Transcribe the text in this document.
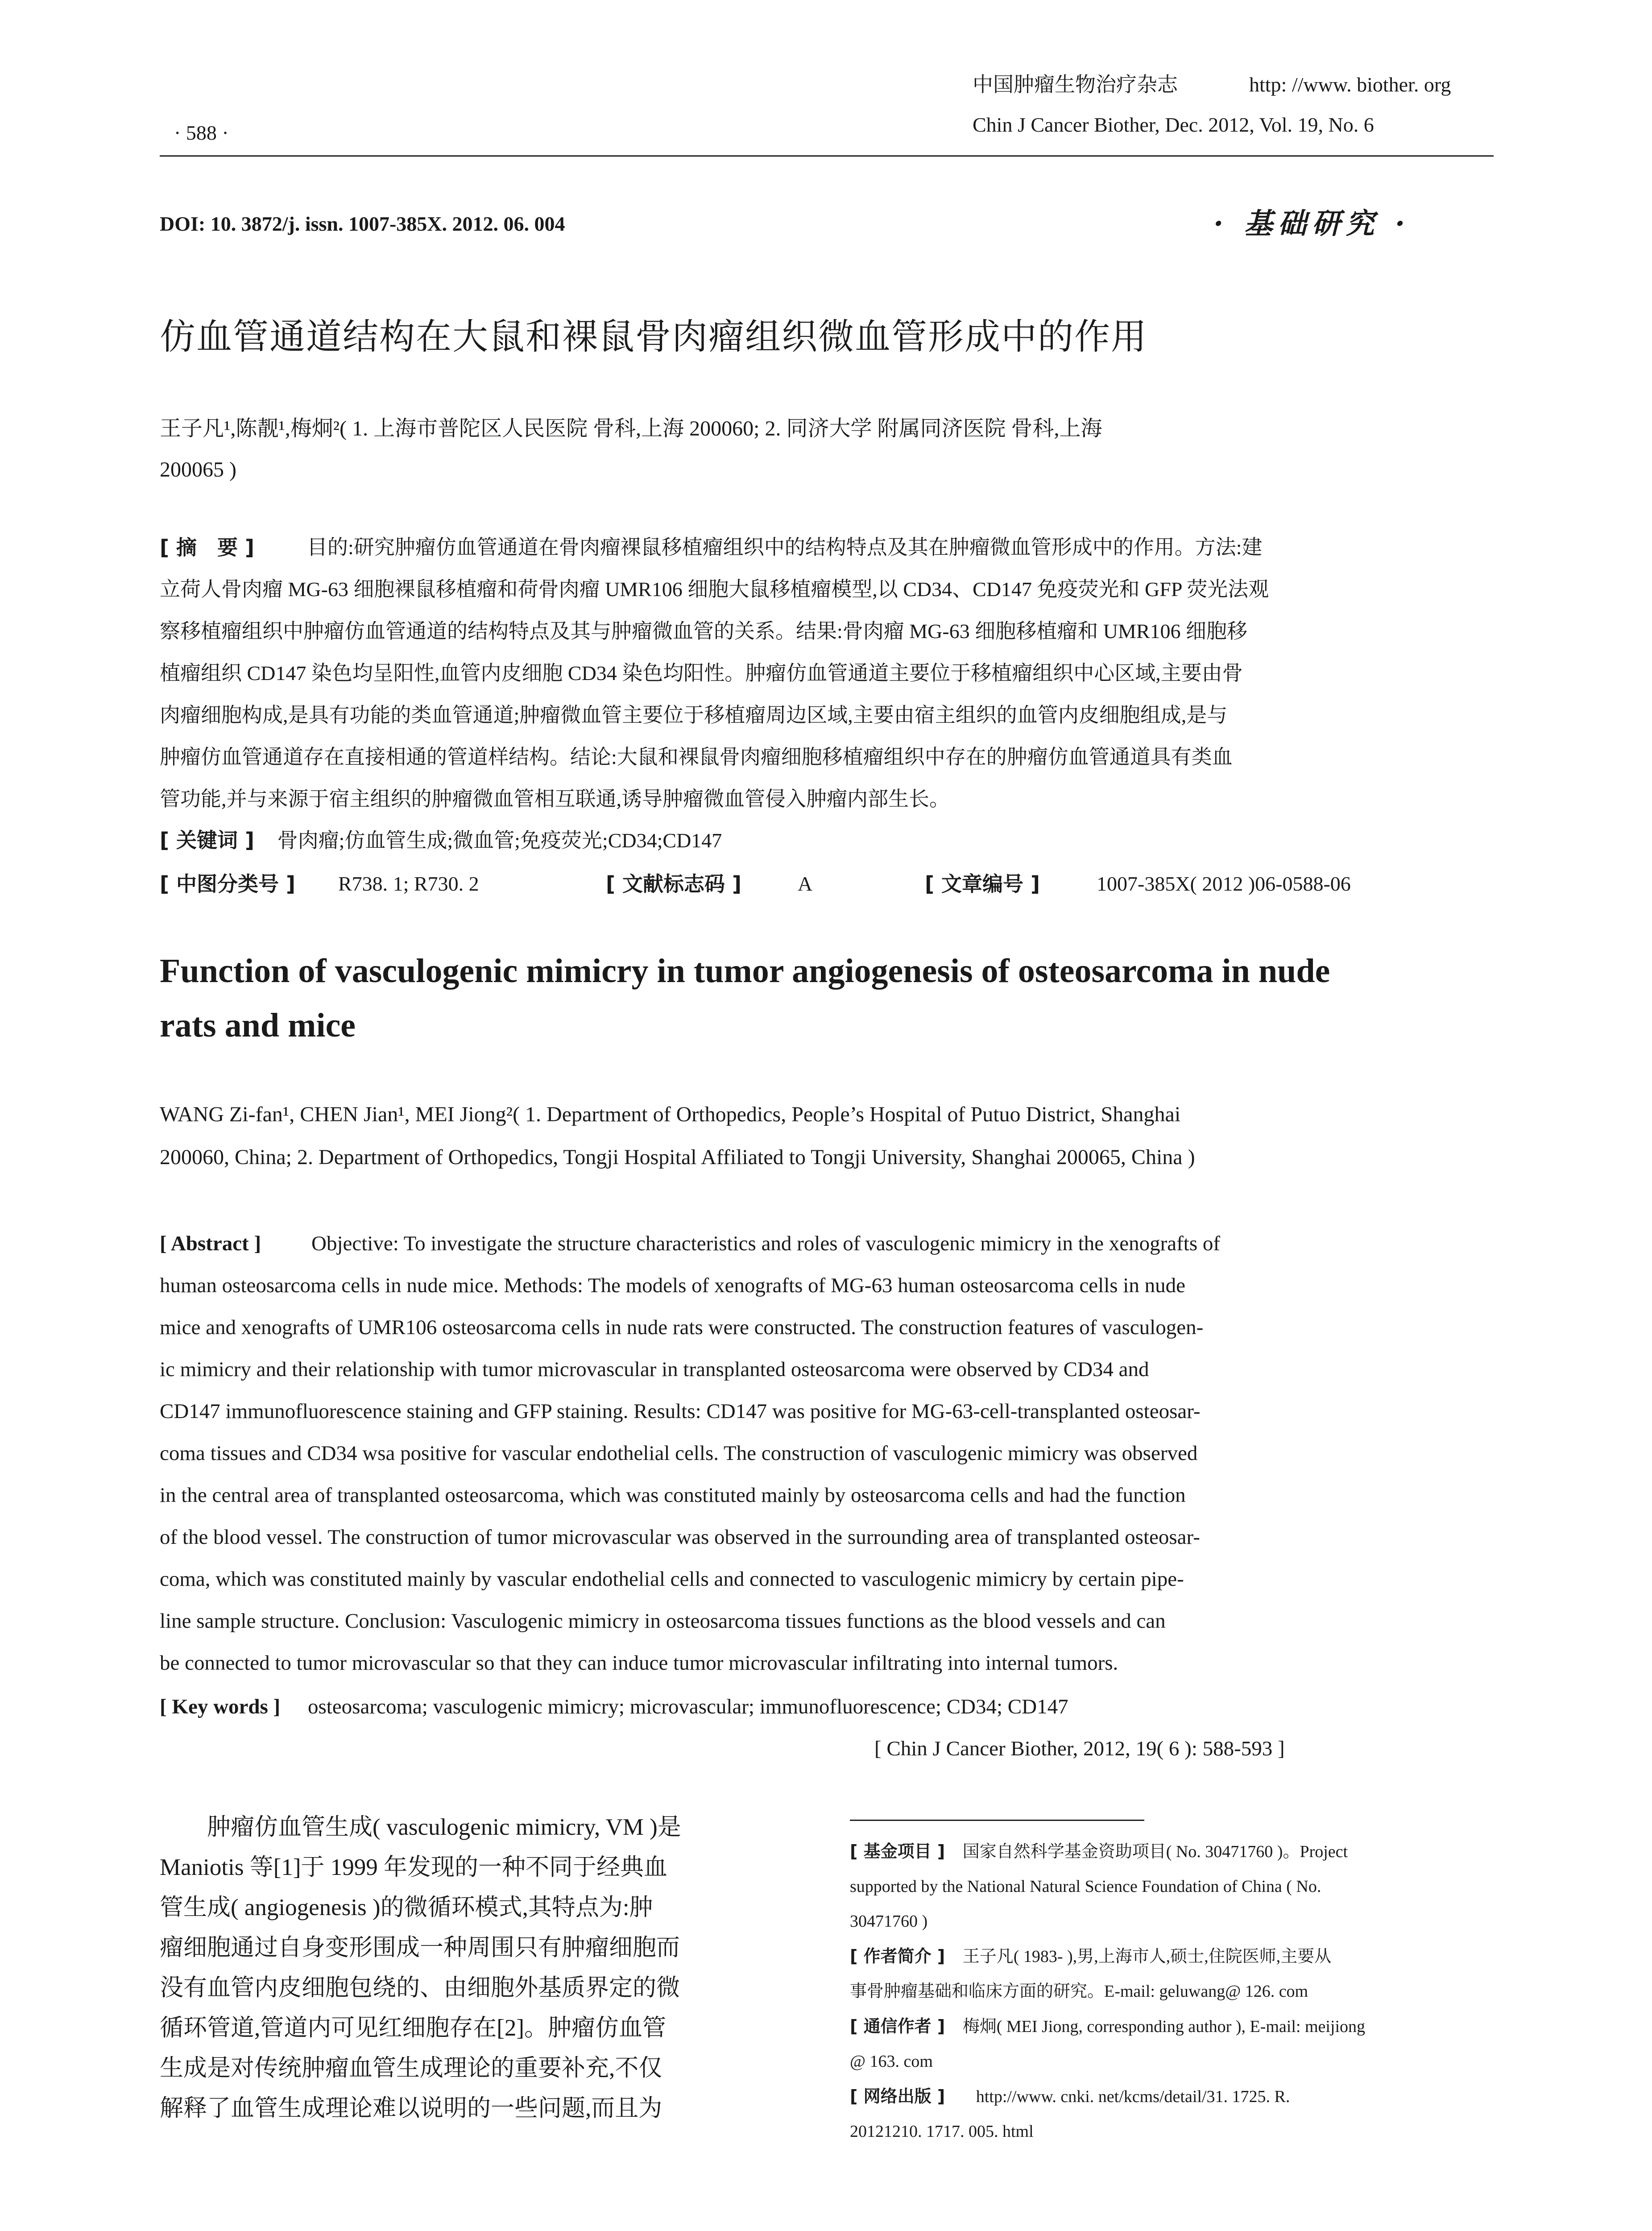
中国肿瘤生物治疗杂志	http: //www. biother. org
· 588 ·	Chin J Cancer Biother, Dec. 2012, Vol. 19, No. 6
DOI: 10. 3872/j. issn. 1007-385X. 2012. 06. 004	· 基础研究 ·
仿血管通道结构在大鼠和裸鼠骨肉瘤组织微血管形成中的作用
王子凡¹,陈靓¹,梅炯²( 1. 上海市普陀区人民医院 骨科,上海 200060; 2. 同济大学 附属同济医院 骨科,上海
200065 )
[ 摘　要 ]	目的:研究肿瘤仿血管通道在骨肉瘤裸鼠移植瘤组织中的结构特点及其在肿瘤微血管形成中的作用。方法:建
立荷人骨肉瘤 MG-63 细胞裸鼠移植瘤和荷骨肉瘤 UMR106 细胞大鼠移植瘤模型,以 CD34、CD147 免疫荧光和 GFP 荧光法观
察移植瘤组织中肿瘤仿血管通道的结构特点及其与肿瘤微血管的关系。结果:骨肉瘤 MG-63 细胞移植瘤和 UMR106 细胞移
植瘤组织 CD147 染色均呈阳性,血管内皮细胞 CD34 染色均阳性。肿瘤仿血管通道主要位于移植瘤组织中心区域,主要由骨
肉瘤细胞构成,是具有功能的类血管通道;肿瘤微血管主要位于移植瘤周边区域,主要由宿主组织的血管内皮细胞组成,是与
肿瘤仿血管通道存在直接相通的管道样结构。结论:大鼠和裸鼠骨肉瘤细胞移植瘤组织中存在的肿瘤仿血管通道具有类血
管功能,并与来源于宿主组织的肿瘤微血管相互联通,诱导肿瘤微血管侵入肿瘤内部生长。
[ 关键词 ] 骨肉瘤;仿血管生成;微血管;免疫荧光;CD34;CD147
[ 中图分类号 ] R738. 1; R730. 2	[ 文献标志码 ]	A	[ 文章编号 ]	1007-385X( 2012 )06-0588-06
Function of vasculogenic mimicry in tumor angiogenesis of osteosarcoma in nude
rats and mice
WANG Zi-fan¹, CHEN Jian¹, MEI Jiong²( 1. Department of Orthopedics, People’s Hospital of Putuo District, Shanghai
200060, China; 2. Department of Orthopedics, Tongji Hospital Affiliated to Tongji University, Shanghai 200065, China )
[ Abstract ] Objective: To investigate the structure characteristics and roles of vasculogenic mimicry in the xenografts of
human osteosarcoma cells in nude mice. Methods: The models of xenografts of MG-63 human osteosarcoma cells in nude
mice and xenografts of UMR106 osteosarcoma cells in nude rats were constructed. The construction features of vasculogen-
ic mimicry and their relationship with tumor microvascular in transplanted osteosarcoma were observed by CD34 and
CD147 immunofluorescence staining and GFP staining. Results: CD147 was positive for MG-63-cell-transplanted osteosar-
coma tissues and CD34 wsa positive for vascular endothelial cells. The construction of vasculogenic mimicry was observed
in the central area of transplanted osteosarcoma, which was constituted mainly by osteosarcoma cells and had the function
of the blood vessel. The construction of tumor microvascular was observed in the surrounding area of transplanted osteosar-
coma, which was constituted mainly by vascular endothelial cells and connected to vasculogenic mimicry by certain pipe-
line sample structure. Conclusion: Vasculogenic mimicry in osteosarcoma tissues functions as the blood vessels and can
be connected to tumor microvascular so that they can induce tumor microvascular infiltrating into internal tumors.
[ Key words ] osteosarcoma; vasculogenic mimicry; microvascular; immunofluorescence; CD34; CD147
[ Chin J Cancer Biother, 2012, 19( 6 ): 588-593 ]
　　肿瘤仿血管生成( vasculogenic mimicry, VM )是
Maniotis 等[1]于 1999 年发现的一种不同于经典血
管生成( angiogenesis )的微循环模式,其特点为:肿
瘤细胞通过自身变形围成一种周围只有肿瘤细胞而
没有血管内皮细胞包绕的、由细胞外基质界定的微
循环管道,管道内可见红细胞存在[2]。肿瘤仿血管
生成是对传统肿瘤血管生成理论的重要补充,不仅
解释了血管生成理论难以说明的一些问题,而且为
[ 基金项目 ] 国家自然科学基金资助项目( No. 30471760 )。Project
supported by the National Natural Science Foundation of China ( No.
30471760 )
[ 作者简介 ] 王子凡( 1983- ),男,上海市人,硕士,住院医师,主要从
事骨肿瘤基础和临床方面的研究。E-mail: geluwang@ 126. com
[ 通信作者 ] 梅炯( MEI Jiong, corresponding author ), E-mail: meijiong
@ 163. com
[ 网络出版 ] http://www. cnki. net/kcms/detail/31. 1725. R.
20121210. 1717. 005. html
